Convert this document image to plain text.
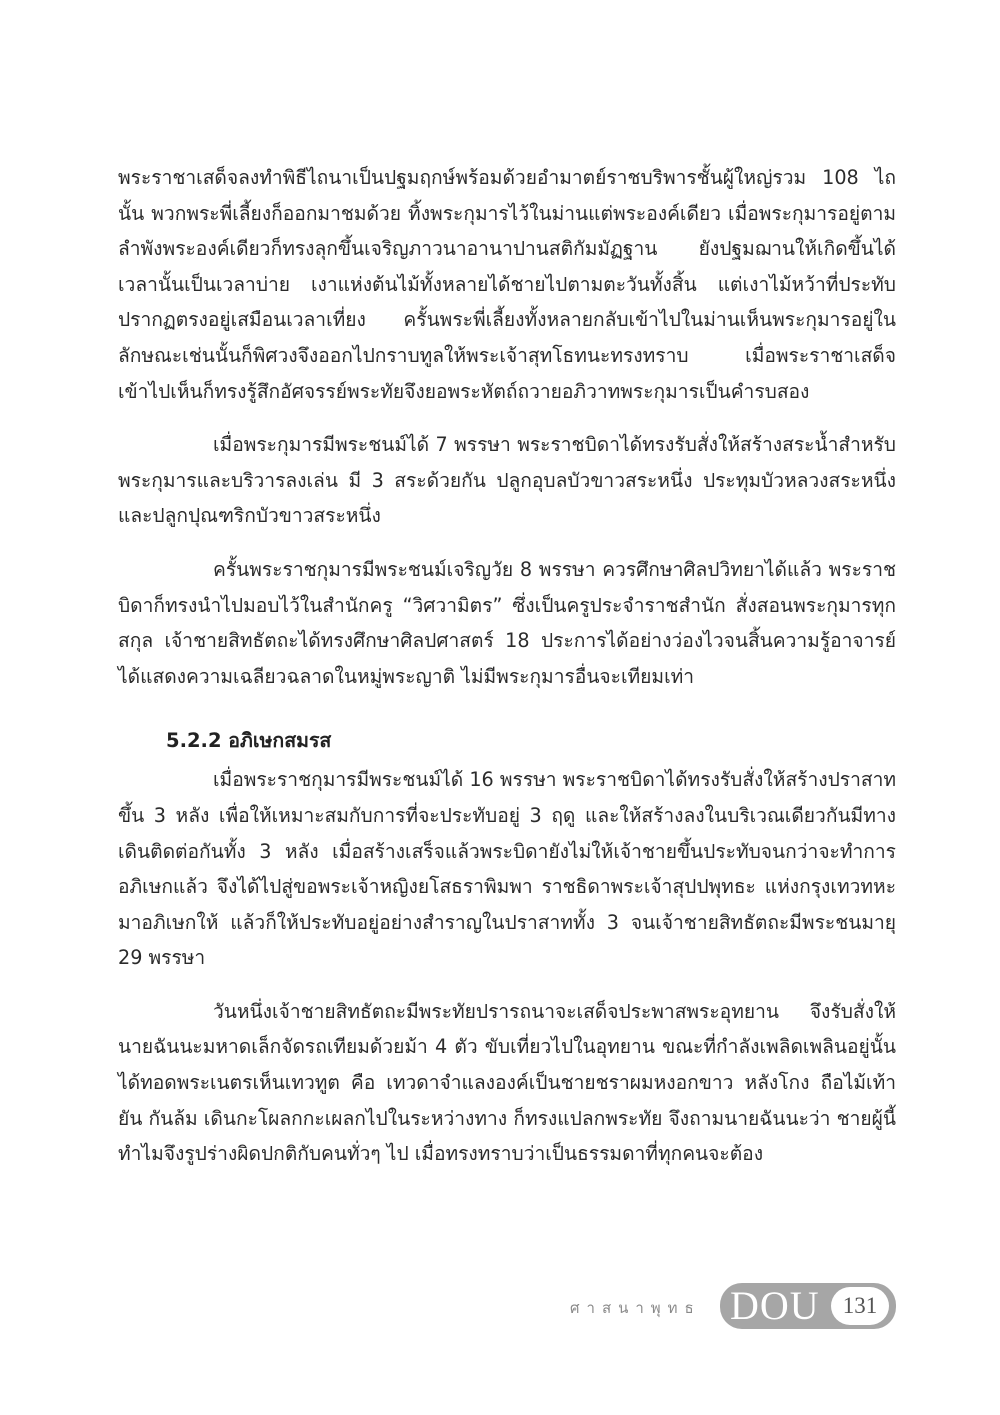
พระราชาเสด็จลงทำพิธีไถนาเป็นปฐมฤกษ์พร้อมด้วยอำมาตย์ราชบริพารชั้นผู้ใหญ่รวม 108 ไถนั้น พวกพระพี่เลี้ยงก็ออกมาชมด้วย ทิ้งพระกุมารไว้ในม่านแต่พระองค์เดียว เมื่อพระกุมารอยู่ตามลำพังพระองค์เดียวก็ทรงลุกขึ้นเจริญภาวนาอานาปานสติกัมมัฏฐาน ยังปฐมฌานให้เกิดขึ้นได้ เวลานั้นเป็นเวลาบ่าย เงาแห่งต้นไม้ทั้งหลายได้ชายไปตามตะวันทั้งสิ้น แต่เงาไม้หว้าที่ประทับปรากฏตรงอยู่เสมือนเวลาเที่ยง ครั้นพระพี่เลี้ยงทั้งหลายกลับเข้าไปในม่านเห็นพระกุมารอยู่ในลักษณะเช่นนั้นก็พิศวงจึงออกไปกราบทูลให้พระเจ้าสุทโธทนะทรงทราบ เมื่อพระราชาเสด็จเข้าไปเห็นก็ทรงรู้สึกอัศจรรย์พระทัยจึงยอพระหัตถ์ถวายอภิวาทพระกุมารเป็นคำรบสอง

เมื่อพระกุมารมีพระชนม์ได้ 7 พรรษา พระราชบิดาได้ทรงรับสั่งให้สร้างสระน้ำสำหรับพระกุมารและบริวารลงเล่น มี 3 สระด้วยกัน ปลูกอุบลบัวขาวสระหนึ่ง ประทุมบัวหลวงสระหนึ่ง และปลูกปุณฑริกบัวขาวสระหนึ่ง

ครั้นพระราชกุมารมีพระชนม์เจริญวัย 8 พรรษา ควรศึกษาศิลปวิทยาได้แล้ว พระราชบิดาก็ทรงนำไปมอบไว้ในสำนักครู “วิศวามิตร” ซึ่งเป็นครูประจำราชสำนัก สั่งสอนพระกุมารทุกสกุล เจ้าชายสิทธัตถะได้ทรงศึกษาศิลปศาสตร์ 18 ประการได้อย่างว่องไวจนสิ้นความรู้อาจารย์ ได้แสดงความเฉลียวฉลาดในหมู่พระญาติ ไม่มีพระกุมารอื่นจะเทียมเท่า

5.2.2 อภิเษกสมรส

เมื่อพระราชกุมารมีพระชนม์ได้ 16 พรรษา พระราชบิดาได้ทรงรับสั่งให้สร้างปราสาทขึ้น 3 หลัง เพื่อให้เหมาะสมกับการที่จะประทับอยู่ 3 ฤดู และให้สร้างลงในบริเวณเดียวกันมีทางเดินติดต่อกันทั้ง 3 หลัง เมื่อสร้างเสร็จแล้วพระบิดายังไม่ให้เจ้าชายขึ้นประทับจนกว่าจะทำการอภิเษกแล้ว จึงได้ไปสู่ขอพระเจ้าหญิงยโสธราพิมพา ราชธิดาพระเจ้าสุปปพุทธะ แห่งกรุงเทวทหะ มาอภิเษกให้ แล้วก็ให้ประทับอยู่อย่างสำราญในปราสาททั้ง 3 จนเจ้าชายสิทธัตถะมีพระชนมายุ 29 พรรษา

วันหนึ่งเจ้าชายสิทธัตถะมีพระทัยปรารถนาจะเสด็จประพาสพระอุทยาน จึงรับสั่งให้นายฉันนะมหาดเล็กจัดรถเทียมด้วยม้า 4 ตัว ขับเที่ยวไปในอุทยาน ขณะที่กำลังเพลิดเพลินอยู่นั้นได้ทอดพระเนตรเห็นเทวทูต คือ เทวดาจำแลงองค์เป็นชายชราผมหงอกขาว หลังโกง ถือไม้เท้ายัน กันล้ม เดินกะโผลกกะเผลกไปในระหว่างทาง ก็ทรงแปลกพระทัย จึงถามนายฉันนะว่า ชายผู้นี้ทำไมจึงรูปร่างผิดปกติกับคนทั่วๆ ไป เมื่อทรงทราบว่าเป็นธรรมดาที่ทุกคนจะต้อง

ศาสนาพุทธ DOU	131
